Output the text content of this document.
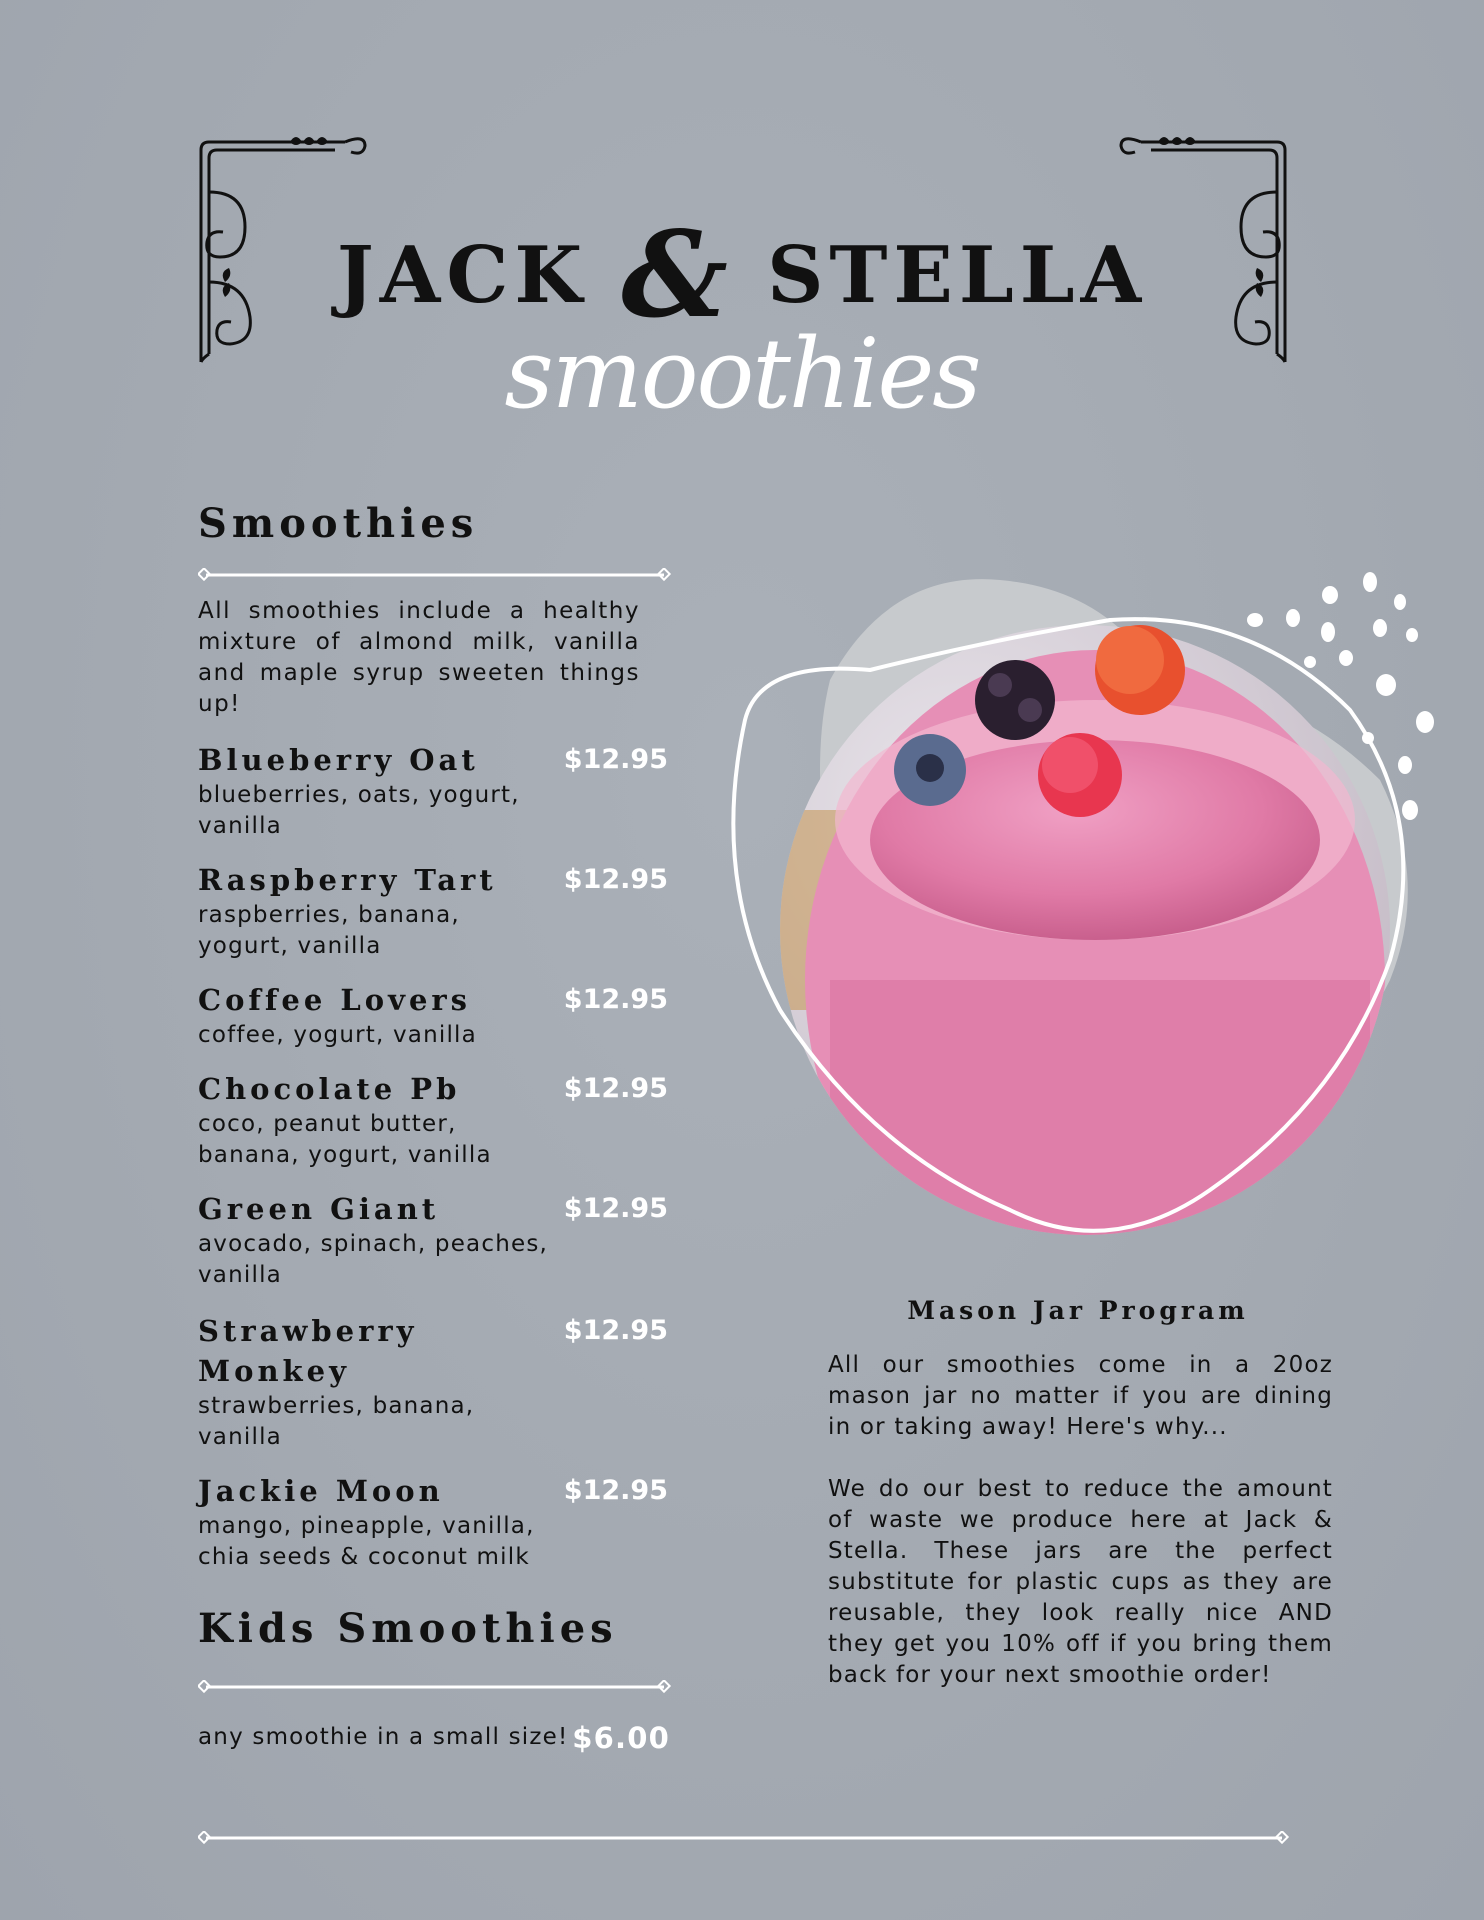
JACK & STELLA
smoothies
Smoothies
All smoothies include a healthy mixture of almond milk, vanilla and maple syrup sweeten things up!
Blueberry Oat	$12.95
blueberries, oats, yogurt, vanilla
Raspberry Tart	$12.95
raspberries, banana, yogurt, vanilla
Coffee Lovers	$12.95
coffee, yogurt, vanilla
Chocolate Pb	$12.95
coco, peanut butter, banana, yogurt, vanilla
Green Giant	$12.95
avocado, spinach, peaches, vanilla
Strawberry Monkey
$12.95
strawberries, banana, vanilla
Jackie Moon	$12.95
mango, pineapple, vanilla, chia seeds & coconut milk
Kids Smoothies
any smoothie in a small size! $6.00
Mason Jar Program
All our smoothies come in a 20oz mason jar no matter if you are dining in or taking away! Here's why...
We do our best to reduce the amount of waste we produce here at Jack & Stella. These jars are the perfect substitute for plastic cups as they are reusable, they look really nice AND they get you 10% off if you bring them back for your next smoothie order!
